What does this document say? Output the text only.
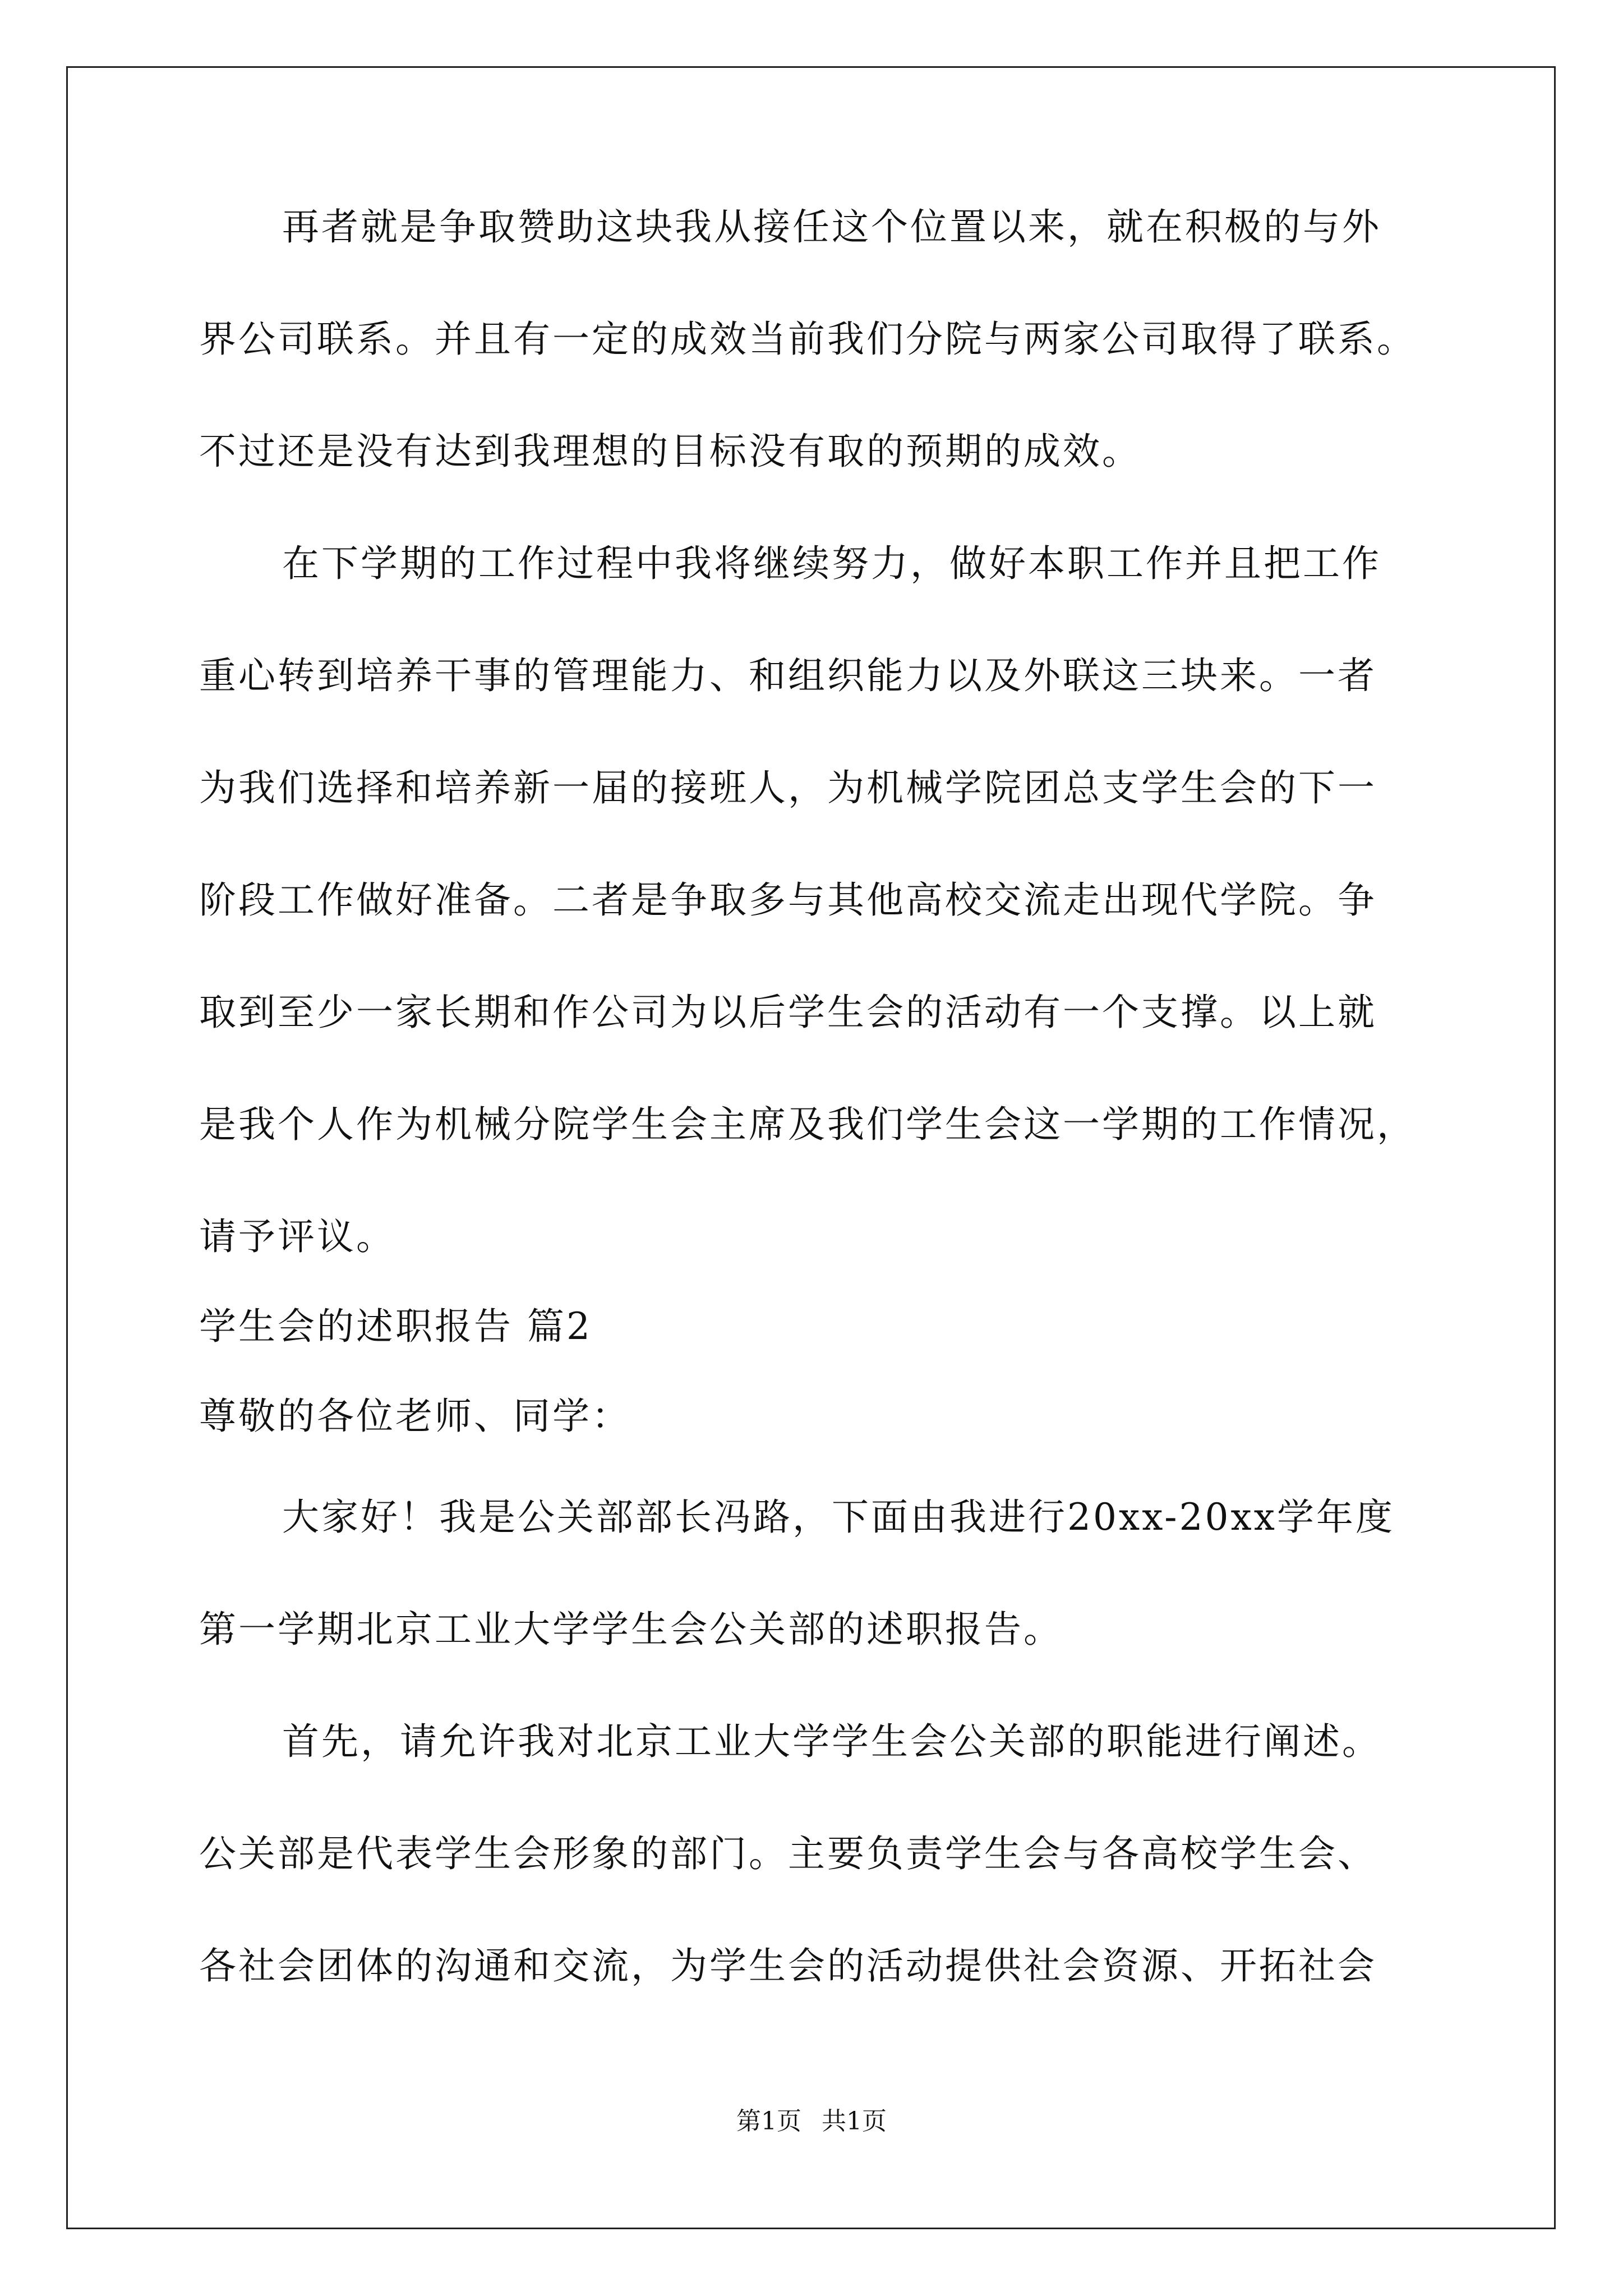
再者就是争取赞助这块我从接任这个位置以来，就在积极的与外
界公司联系。并且有一定的成效当前我们分院与两家公司取得了联系。
不过还是没有达到我理想的目标没有取的预期的成效。
在下学期的工作过程中我将继续努力，做好本职工作并且把工作
重心转到培养干事的管理能力、和组织能力以及外联这三块来。一者
为我们选择和培养新一届的接班人，为机械学院团总支学生会的下一
阶段工作做好准备。二者是争取多与其他高校交流走出现代学院。争
取到至少一家长期和作公司为以后学生会的活动有一个支撑。以上就
是我个人作为机械分院学生会主席及我们学生会这一学期的工作情况，
请予评议。
学生会的述职报告 篇2
尊敬的各位老师、同学：
大家好！我是公关部部长冯路，下面由我进行20xx-20xx学年度
第一学期北京工业大学学生会公关部的述职报告。
首先，请允许我对北京工业大学学生会公关部的职能进行阐述。
公关部是代表学生会形象的部门。主要负责学生会与各高校学生会、
各社会团体的沟通和交流，为学生会的活动提供社会资源、开拓社会
第1页 共1页
